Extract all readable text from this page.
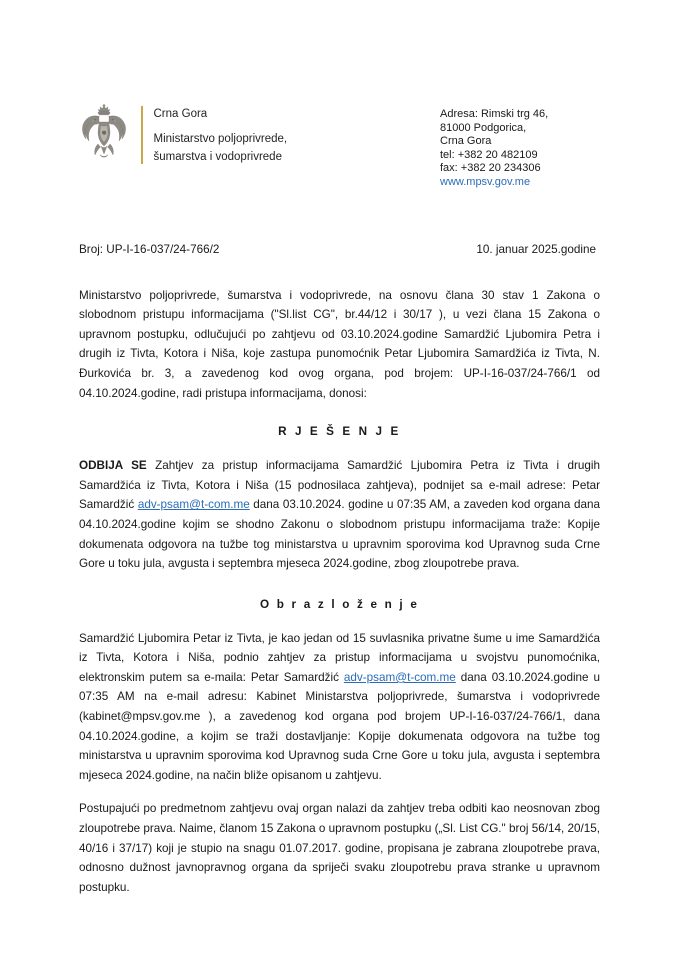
Crna Gora
Ministarstvo poljoprivrede,
šumarstva i vodoprivrede
Adresa: Rimski trg 46,
81000 Podgorica,
Crna Gora
tel: +382 20 482109
fax: +382 20 234306
www.mpsv.gov.me
Broj: UP-I-16-037/24-766/2	10. januar 2025.godine

Ministarstvo poljoprivrede, šumarstva i vodoprivrede, na osnovu člana 30 stav 1 Zakona o slobodnom pristupu informacijama ("Sl.list CG", br.44/12 i 30/17 ), u vezi člana 15 Zakona o upravnom postupku, odlučujući po zahtjevu od 03.10.2024.godine Samardžić Ljubomira Petra i drugih iz Tivta, Kotora i Niša, koje zastupa punomoćnik Petar Ljubomira Samardžića iz Tivta, N. Đurkovića br. 3, a zavedenog kod ovog organa, pod brojem: UP-I-16-037/24-766/1 od 04.10.2024.godine, radi pristupa informacijama, donosi:

R J E Š E N J E

ODBIJA SE Zahtjev za pristup informacijama Samardžić Ljubomira Petra iz Tivta i drugih Samardžića iz Tivta, Kotora i Niša (15 podnosilaca zahtjeva), podnijet sa e-mail adrese: Petar Samardžić adv-psam@t-com.me dana 03.10.2024. godine u 07:35 AM, a zaveden kod organa dana 04.10.2024.godine kojim se shodno Zakonu o slobodnom pristupu informacijama traže: Kopije dokumenata odgovora na tužbe tog ministarstva u upravnim sporovima kod Upravnog suda Crne Gore u toku jula, avgusta i septembra mjeseca 2024.godine, zbog zloupotrebe prava.

O b r a z l o ž e n j e

Samardžić Ljubomira Petar iz Tivta, je kao jedan od 15 suvlasnika privatne šume u ime Samardžića iz Tivta, Kotora i Niša, podnio zahtjev za pristup informacijama u svojstvu punomoćnika, elektronskim putem sa e-maila: Petar Samardžić adv-psam@t-com.me dana 03.10.2024.godine u 07:35 AM na e-mail adresu: Kabinet Ministarstva poljoprivrede, šumarstva i vodoprivrede (kabinet@mpsv.gov.me ), a zavedenog kod organa pod brojem UP-I-16-037/24-766/1, dana 04.10.2024.godine, a kojim se traži dostavljanje: Kopije dokumenata odgovora na tužbe tog ministarstva u upravnim sporovima kod Upravnog suda Crne Gore u toku jula, avgusta i septembra mjeseca 2024.godine, na način bliže opisanom u zahtjevu.

Postupajući po predmetnom zahtjevu ovaj organ nalazi da zahtjev treba odbiti kao neosnovan zbog zloupotrebe prava. Naime, članom 15 Zakona o upravnom postupku („Sl. List CG." broj 56/14, 20/15, 40/16 i 37/17) koji je stupio na snagu 01.07.2017. godine, propisana je zabrana zloupotrebe prava, odnosno dužnost javnopravnog organa da spriječi svaku zloupotrebu prava stranke u upravnom postupku.
